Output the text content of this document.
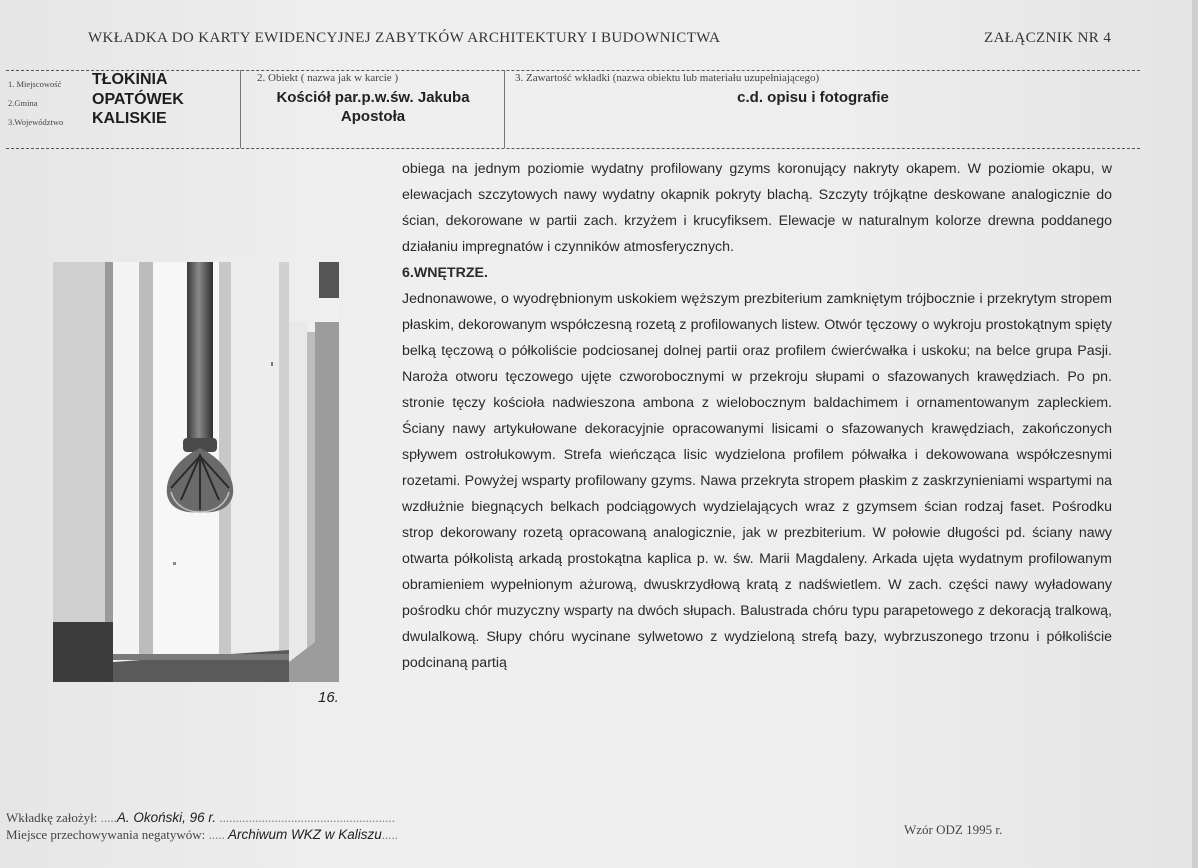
WKŁADKA DO KARTY EWIDENCYJNEJ ZABYTKÓW ARCHITEKTURY I BUDOWNICTWA	ZAŁĄCZNIK NR 4
1. Miejscowość TŁOKINIA
2.Gmina	OPATÓWEK
3.Województwo KALISKIE
2. Obiekt ( nazwa jak w karcie )
Kościół par.p.w.św. Jakuba
Apostoła
3. Zawartość wkładki (nazwa obiektu lub materiału uzupełniającego)
c.d. opisu i fotografie
16.

obiega na jednym poziomie wydatny profilowany gzyms koronujący nakryty okapem. W poziomie okapu, w elewacjach szczytowych nawy wydatny okapnik pokryty blachą. Szczyty trójkątne deskowane analogicznie do ścian, dekorowane w partii zach. krzyżem i krucyfiksem. Elewacje w naturalnym kolorze drewna poddanego działaniu impregnatów i czynników atmosferycznych.

6.WNĘTRZE.

Jednonawowe, o wyodrębnionym uskokiem węższym prezbiterium zamkniętym trójbocznie i przekrytym stropem płaskim, dekorowanym współczesną rozetą z profilowanych listew. Otwór tęczowy o wykroju prostokątnym spięty belką tęczową o półkoliście podciosanej dolnej partii oraz profilem ćwierćwałka i uskoku; na belce grupa Pasji. Naroża otworu tęczowego ujęte czworobocznymi w przekroju słupami o sfazowanych krawędziach. Po pn. stronie tęczy kościoła nadwieszona ambona z wielobocznym baldachimem i ornamentowanym zapleckiem. Ściany nawy artykułowane dekoracyjnie opracowanymi lisicami o sfazowanych krawędziach, zakończonych spływem ostrołukowym. Strefa wieńcząca lisic wydzielona profilem półwałka i dekowowana współczesnymi rozetami. Powyżej wsparty profilowany gzyms. Nawa przekryta stropem płaskim z zaskrzynieniami wspartymi na wzdłużnie biegnących belkach podciągowych wydzielających wraz z gzymsem ścian rodzaj faset. Pośrodku strop dekorowany rozetą opracowaną analogicznie, jak w prezbiterium. W połowie długości pd. ściany nawy otwarta półkolistą arkadą prostokątna kaplica p. w. św. Marii Magdaleny. Arkada ujęta wydatnym profilowanym obramieniem wypełnionym ażurową, dwuskrzydłową kratą z nadświetlem. W zach. części nawy wyładowany pośrodku chór muzyczny wsparty na dwóch słupach. Balustrada chóru typu parapetowego z dekoracją tralkową, dwulalkową. Słupy chóru wycinane sylwetowo z wydzieloną strefą bazy, wybrzuszonego trzonu i półkoliście podcinaną partią

Wkładkę założył: .....A. Okoński, 96 r. ......................................................
Miejsce przechowywania negatywów: ..... Archiwum WKZ w Kaliszu.....	Wzór ODZ 1995 r.
